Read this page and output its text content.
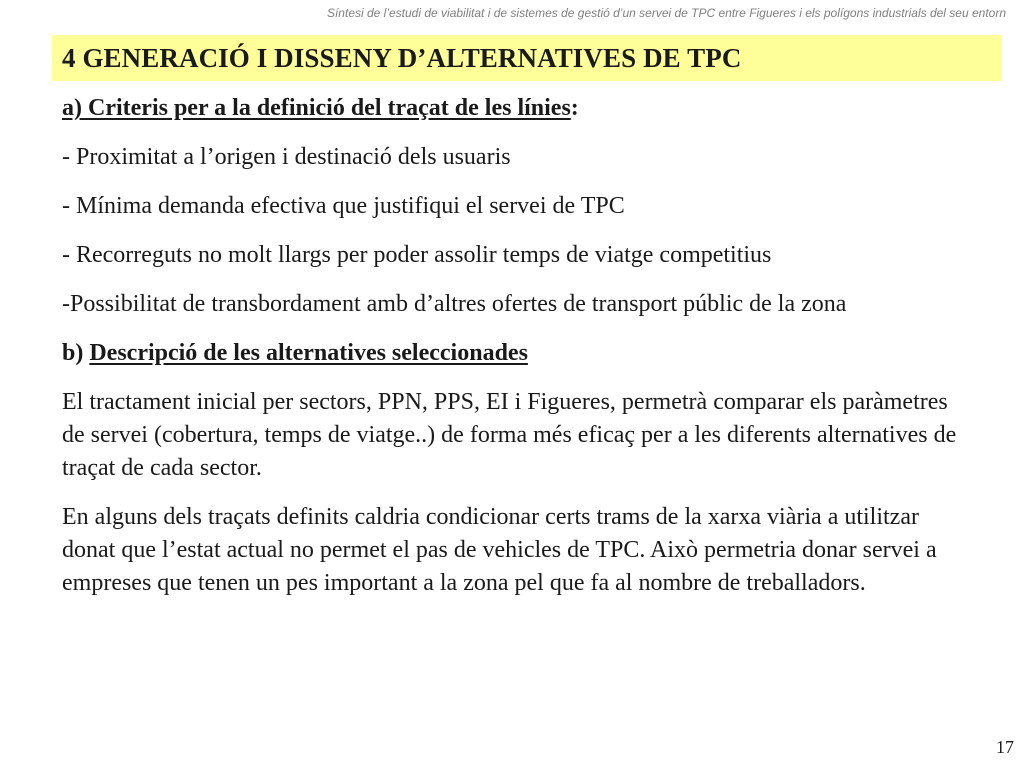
Síntesi de l’estudi de viabilitat i de sistemes de gestió d’un servei de TPC entre Figueres i els polígons industrials del seu entorn
4 GENERACIÓ I DISSENY D’ALTERNATIVES DE TPC

a) Criteris per a la definició del traçat de les línies:

- Proximitat a l’origen i destinació dels usuaris

- Mínima demanda efectiva que justifiqui el servei de TPC

- Recorreguts no molt llargs per poder assolir temps de viatge competitius

-Possibilitat de transbordament amb d’altres ofertes de transport públic de la zona

b) Descripció de les alternatives seleccionades

El tractament inicial per sectors, PPN, PPS, EI i Figueres, permetrà comparar els paràmetres de servei (cobertura, temps de viatge..) de forma més eficaç per a les diferents alternatives de traçat de cada sector.

En alguns dels traçats definits caldria condicionar certs trams de la xarxa viària a utilitzar donat que l’estat actual no permet el pas de vehicles de TPC. Això permetria donar servei a empreses que tenen un pes important a la zona pel que fa al nombre de treballadors.

17
